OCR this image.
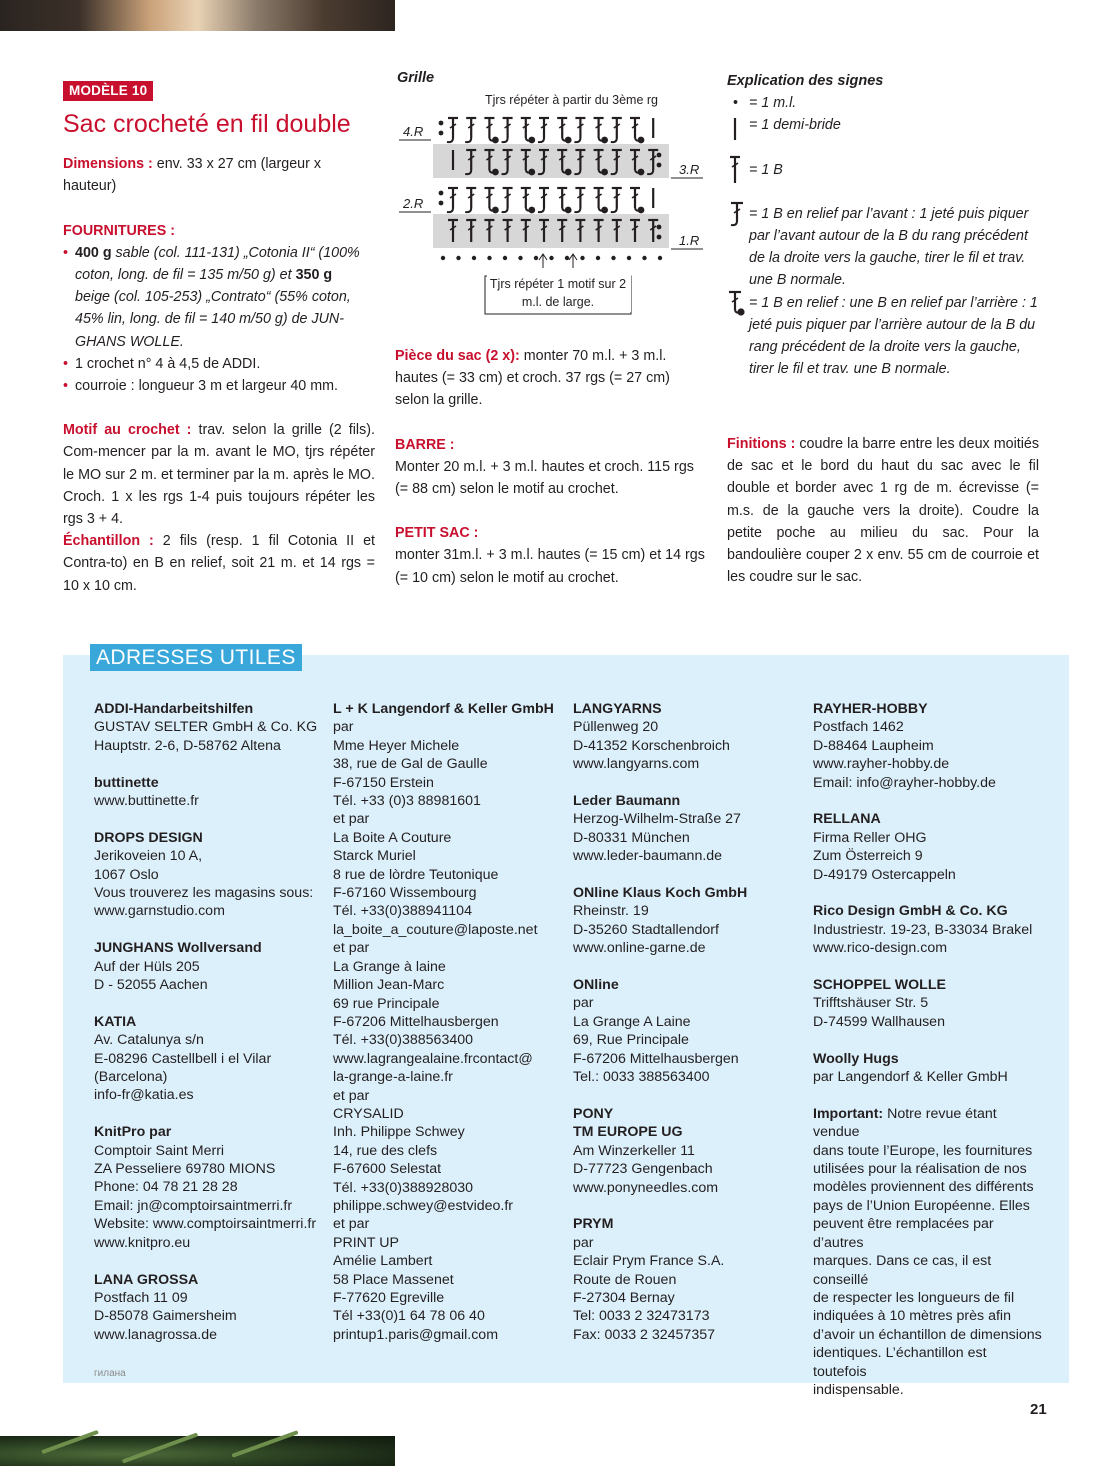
MODÈLE 10
Sac crocheté en fil double
Dimensions : env. 33 x 27 cm (largeur x hauteur)
FOURNITURES :
• 400 g sable (col. 111-131) „Cotonia II“ (100%
coton, long. de fil = 135 m/50 g) et 350 g
beige (col. 105-253) „Contrato“ (55% coton,
45% lin, long. de fil = 140 m/50 g) de JUN-
GHANS WOLLE.
• 1 crochet n° 4 à 4,5 de ADDI.
• courroie : longueur 3 m et largeur 40 mm.
Motif au crochet : trav. selon la grille (2 fils). Com-mencer par la m. avant le MO, tjrs répéter le MO sur 2 m. et terminer par la m. après le MO. Croch. 1 x les rgs 1-4 puis toujours répéter les rgs 3 + 4.
Échantillon : 2 fils (resp. 1 fil Cotonia II et Contra-to) en B en relief, soit 21 m. et 14 rgs = 10 x 10 cm.
Grille
Tjrs répéter à partir du 3ème rg
4.R
3.R
2.R
1.R
Tjrs répéter 1 motif sur 2
m.l. de large.
Pièce du sac (2 x): monter 70 m.l. + 3 m.l. hautes (= 33 cm) et croch. 37 rgs (= 27 cm) selon la grille.
BARRE :
Monter 20 m.l. + 3 m.l. hautes et croch. 115 rgs (= 88 cm) selon le motif au crochet.
PETIT SAC :
monter 31m.l. + 3 m.l. hautes (= 15 cm) et 14 rgs (= 10 cm) selon le motif au crochet.
Explication des signes
• = 1 m.l.
= 1 demi-bride
= 1 B
= 1 B en relief par l’avant : 1 jeté puis piquer par l’avant autour de la B du rang précédent de la droite vers la gauche, tirer le fil et trav. une B normale.
= 1 B en relief : une B en relief par l’arrière : 1 jeté puis piquer par l’arrière autour de la B du rang précédent de la droite vers la gauche, tirer le fil et trav. une B normale.
Finitions : coudre la barre entre les deux moitiés de sac et le bord du haut du sac avec le fil double et border avec 1 rg de m. écrevisse (= m.s. de la gauche vers la droite). Coudre la petite poche au milieu du sac. Pour la bandoulière couper 2 x env. 55 cm de courroie et les coudre sur le sac.
ADRESSES UTILES
ADDI-Handarbeitshilfen
GUSTAV SELTER GmbH & Co. KG
Hauptstr. 2-6, D-58762 Altena
buttinette
www.buttinette.fr
DROPS DESIGN
Jerikoveien 10 A,
1067 Oslo
Vous trouverez les magasins sous:
www.garnstudio.com
JUNGHANS Wollversand
Auf der Hüls 205
D - 52055 Aachen
KATIA
Av. Catalunya s/n
E-08296 Castellbell i el Vilar
(Barcelona)
info-fr@katia.es
KnitPro par
Comptoir Saint Merri
ZA Pesseliere 69780 MIONS
Phone: 04 78 21 28 28
Email: jn@comptoirsaintmerri.fr
Website: www.comptoirsaintmerri.fr
www.knitpro.eu
LANA GROSSA
Postfach 11 09
D-85078 Gaimersheim
www.lanagrossa.de
L + K Langendorf & Keller GmbH
par
Mme Heyer Michele
38, rue de Gal de Gaulle
F-67150 Erstein
Tél. +33 (0)3 88981601
et par
La Boite A Couture
Starck Muriel
8 rue de lòrdre Teutonique
F-67160 Wissembourg
Tél. +33(0)388941104
la_boite_a_couture@laposte.net
et par
La Grange à laine
Million Jean-Marc
69 rue Principale
F-67206 Mittelhausbergen
Tél. +33(0)388563400
www.lagrangealaine.frcontact@
la-grange-a-laine.fr
et par
CRYSALID
Inh. Philippe Schwey
14, rue des clefs
F-67600 Selestat
Tél. +33(0)388928030
philippe.schwey@estvideo.fr
et par
PRINT UP
Amélie Lambert
58 Place Massenet
F-77620 Egreville
Tél +33(0)1 64 78 06 40
printup1.paris@gmail.com
LANGYARNS
Püllenweg 20
D-41352 Korschenbroich
www.langyarns.com
Leder Baumann
Herzog-Wilhelm-Straße 27
D-80331 München
www.leder-baumann.de
ONline Klaus Koch GmbH
Rheinstr. 19
D-35260 Stadtallendorf
www.online-garne.de
ONline
par
La Grange A Laine
69, Rue Principale
F-67206 Mittelhausbergen
Tel.: 0033 388563400
PONY
TM EUROPE UG
Am Winzerkeller 11
D-77723 Gengenbach
www.ponyneedles.com
PRYM
par
Eclair Prym France S.A.
Route de Rouen
F-27304 Bernay
Tel: 0033 2 32473173
Fax: 0033 2 32457357
RAYHER-HOBBY
Postfach 1462
D-88464 Laupheim
www.rayher-hobby.de
Email: info@rayher-hobby.de
RELLANA
Firma Reller OHG
Zum Österreich 9
D-49179 Ostercappeln
Rico Design GmbH & Co. KG
Industriestr. 19-23, B-33034 Brakel
www.rico-design.com
SCHOPPEL WOLLE
Trifftshäuser Str. 5
D-74599 Wallhausen
Woolly Hugs
par Langendorf & Keller GmbH
Important: Notre revue étant vendue
dans toute l’Europe, les fournitures
utilisées pour la réalisation de nos
modèles proviennent des différents
pays de l’Union Européenne. Elles
peuvent être remplacées par d’autres
marques. Dans ce cas, il est conseillé
de respecter les longueurs de fil
indiquées à 10 mètres près afin
d’avoir un échantillon de dimensions
identiques. L’échantillon est toutefois
indispensable.
гилана
21
